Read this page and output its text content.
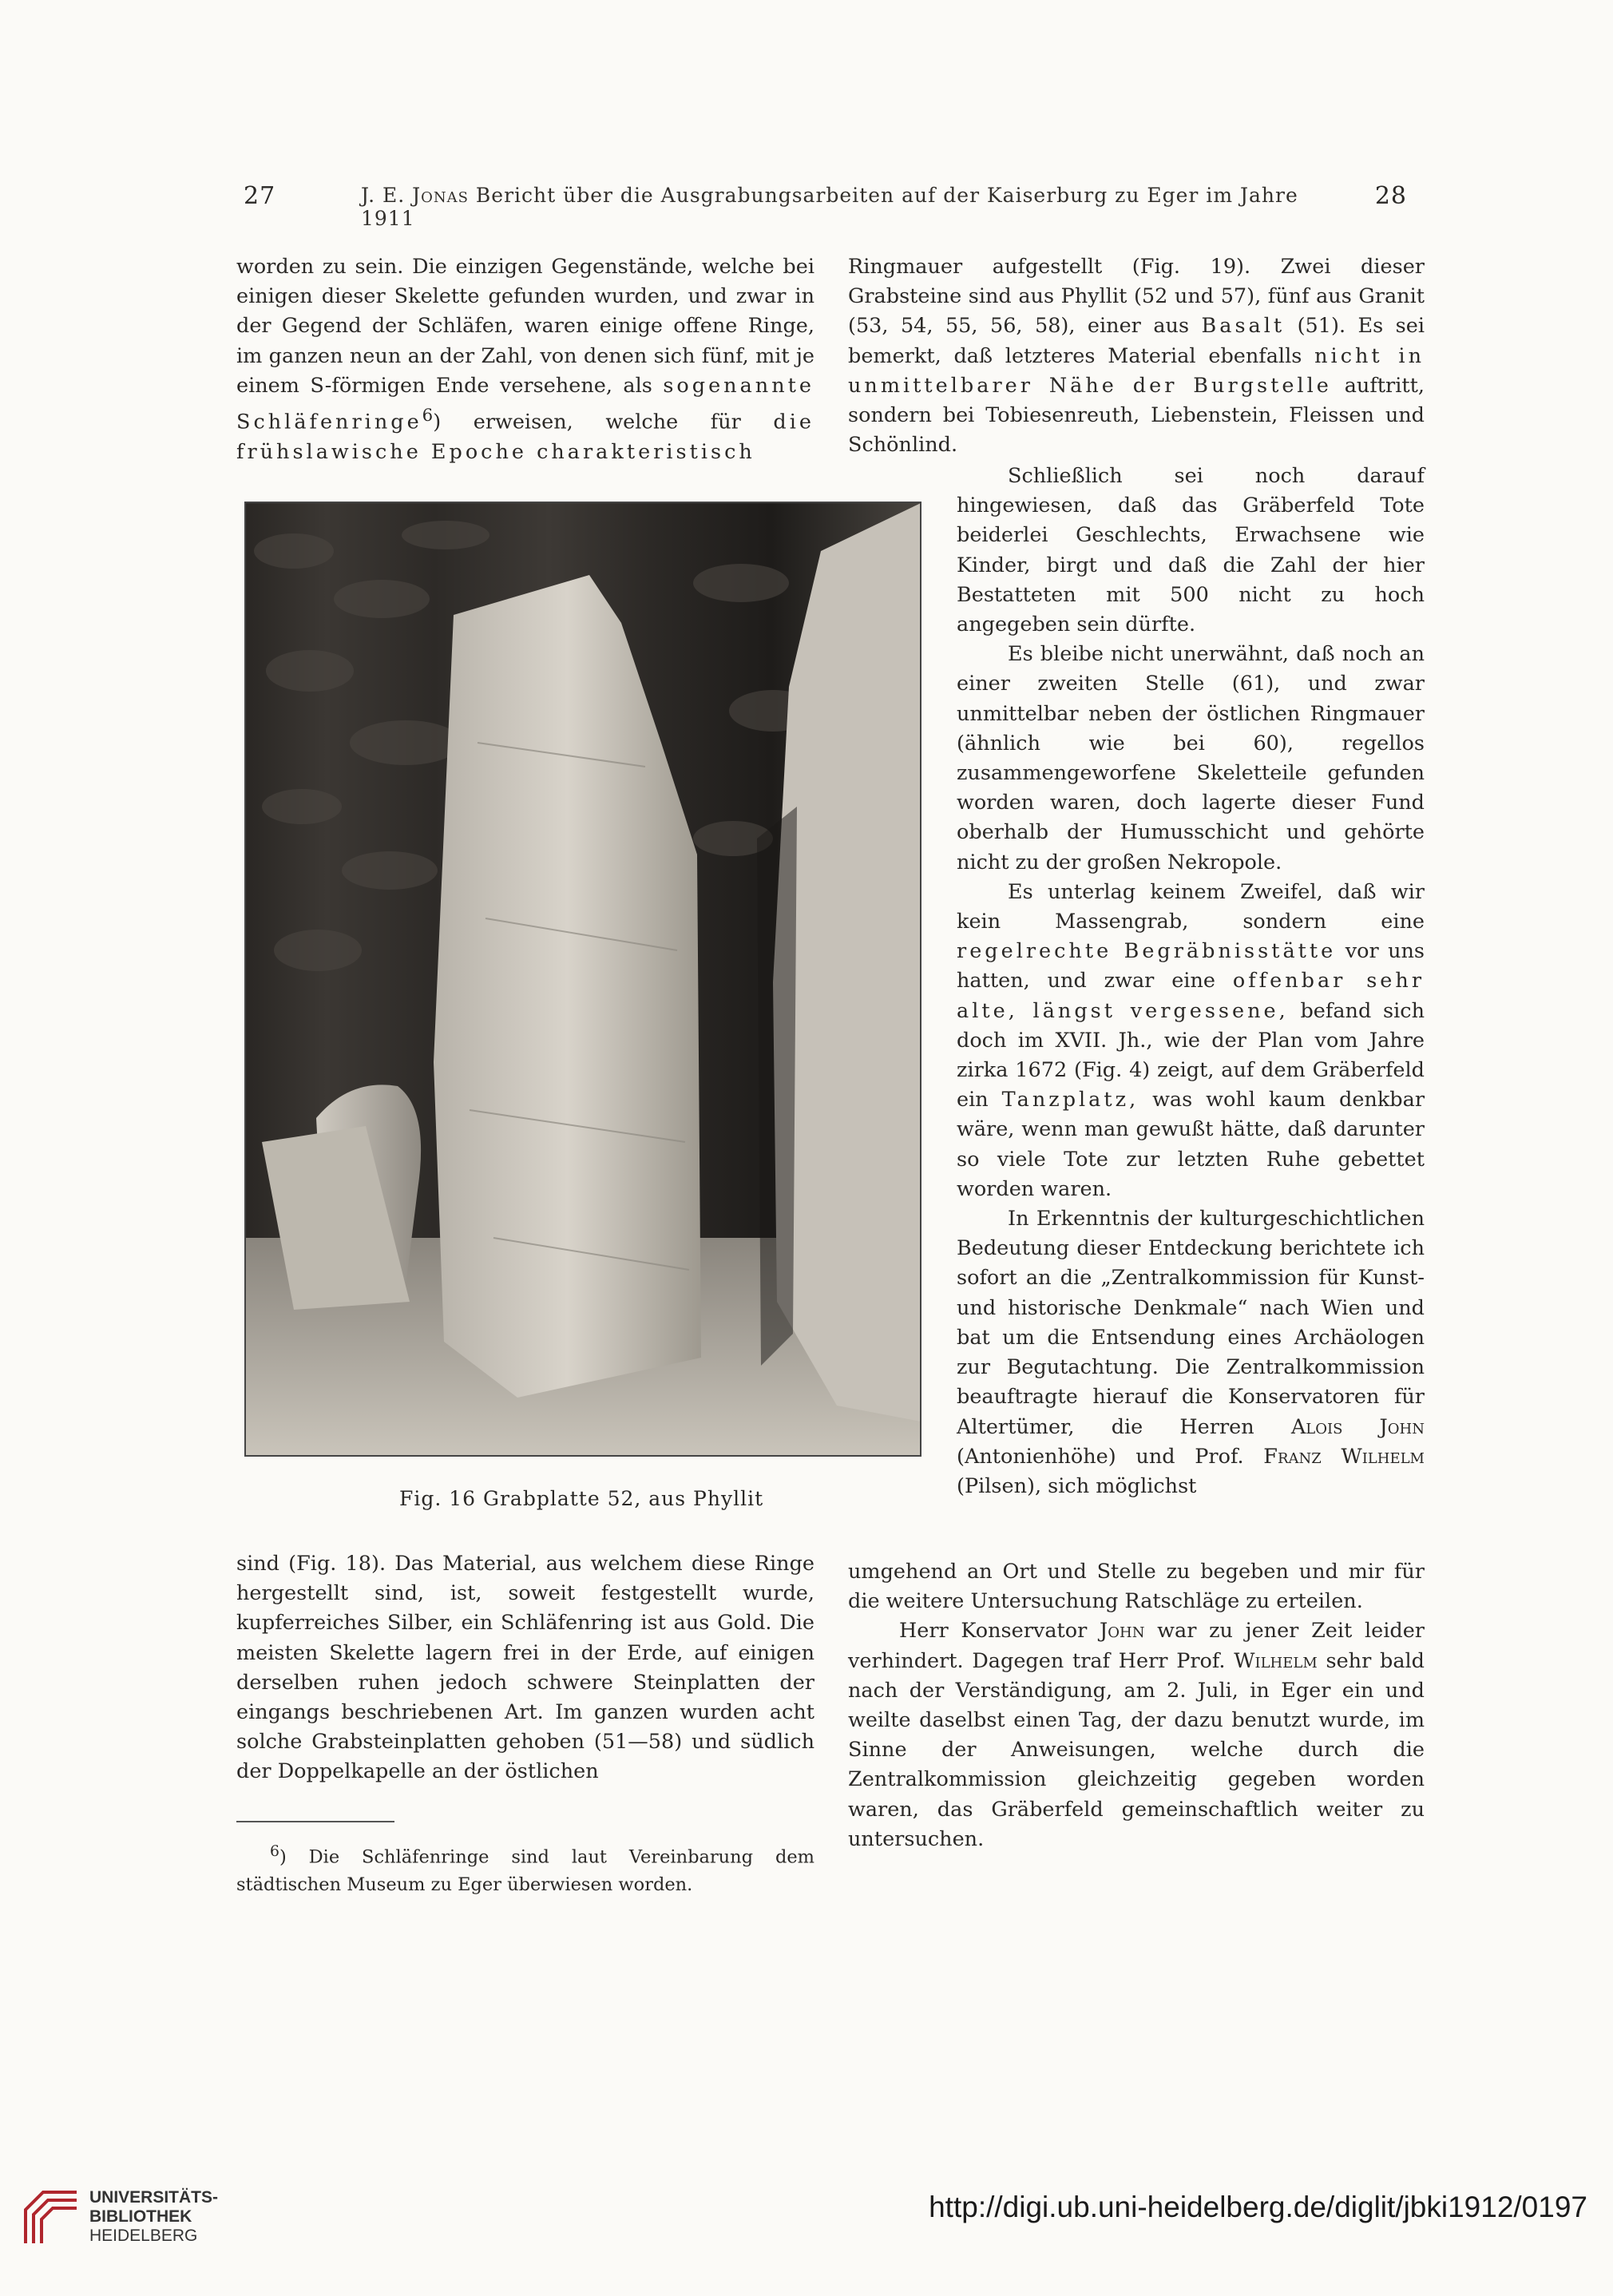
27	J. E. Jonas Bericht über die Ausgrabungsarbeiten auf der Kaiserburg zu Eger im Jahre 1911
28

worden zu sein. Die einzigen Gegenstände, welche bei einigen dieser Skelette gefunden wurden, und zwar in der Gegend der Schläfen, waren einige offene Ringe, im ganzen neun an der Zahl, von denen sich fünf, mit je einem S-förmigen Ende versehene, als sogenannte Schläfenringe$^6$) erweisen, welche für die frühslawische Epoche charakteristisch

Fig. 16 Grabplatte 52, aus Phyllit

sind (Fig. 18). Das Material, aus welchem diese Ringe hergestellt sind, ist, soweit festgestellt wurde, kupferreiches Silber, ein Schläfenring ist aus Gold. Die meisten Skelette lagern frei in der Erde, auf einigen derselben ruhen jedoch schwere Steinplatten der eingangs beschriebenen Art. Im ganzen wurden acht solche Grabsteinplatten gehoben (51—58) und südlich der Doppelkapelle an der östlichen

$^6$) Die Schläfenringe sind laut Vereinbarung dem städtischen Museum zu Eger überwiesen worden.

Ringmauer aufgestellt (Fig. 19). Zwei dieser Grabsteine sind aus Phyllit (52 und 57), fünf aus Granit (53, 54, 55, 56, 58), einer aus Basalt (51). Es sei bemerkt, daß letzteres Material ebenfalls nicht in unmittelbarer Nähe der Burgstelle auftritt, sondern bei Tobiesenreuth, Liebenstein, Fleissen und Schönlind.

Schließlich sei noch darauf hingewiesen, daß das Gräberfeld Tote beiderlei Geschlechts, Erwachsene wie Kinder, birgt und daß die Zahl der hier Bestatteten mit 500 nicht zu hoch angegeben sein dürfte.

Es bleibe nicht unerwähnt, daß noch an einer zweiten Stelle (61), und zwar unmittelbar neben der östlichen Ringmauer (ähnlich wie bei 60), regellos zusammengeworfene Skeletteile gefunden worden waren, doch lagerte dieser Fund oberhalb der Humusschicht und gehörte nicht zu der großen Nekropole.

Es unterlag keinem Zweifel, daß wir kein Massengrab, sondern eine regelrechte Begräbnisstätte vor uns hatten, und zwar eine offenbar sehr alte, längst vergessene, befand sich doch im XVII. Jh., wie der Plan vom Jahre zirka 1672 (Fig. 4) zeigt, auf dem Gräberfeld ein Tanzplatz, was wohl kaum denkbar wäre, wenn man gewußt hätte, daß darunter so viele Tote zur letzten Ruhe gebettet worden waren.

In Erkenntnis der kulturgeschichtlichen Bedeutung dieser Entdeckung berichtete ich sofort an die „Zentralkommission für Kunst- und historische Denkmale“ nach Wien und bat um die Entsendung eines Archäologen zur Begutachtung. Die Zentralkommission beauftragte hierauf die Konservatoren für Altertümer, die Herren Alois John (Antonienhöhe) und Prof. Franz Wilhelm (Pilsen), sich möglichst

umgehend an Ort und Stelle zu begeben und mir für die weitere Untersuchung Ratschläge zu erteilen.

Herr Konservator John war zu jener Zeit leider verhindert. Dagegen traf Herr Prof. Wilhelm sehr bald nach der Verständigung, am 2. Juli, in Eger ein und weilte daselbst einen Tag, der dazu benutzt wurde, im Sinne der Anweisungen, welche durch die Zentralkommission gleichzeitig gegeben worden waren, das Gräberfeld gemeinschaftlich weiter zu untersuchen.

UNIVERSITÄTS-
BIBLIOTHEK
HEIDELBERG
http://digi.ub.uni-heidelberg.de/diglit/jbki1912/0197
